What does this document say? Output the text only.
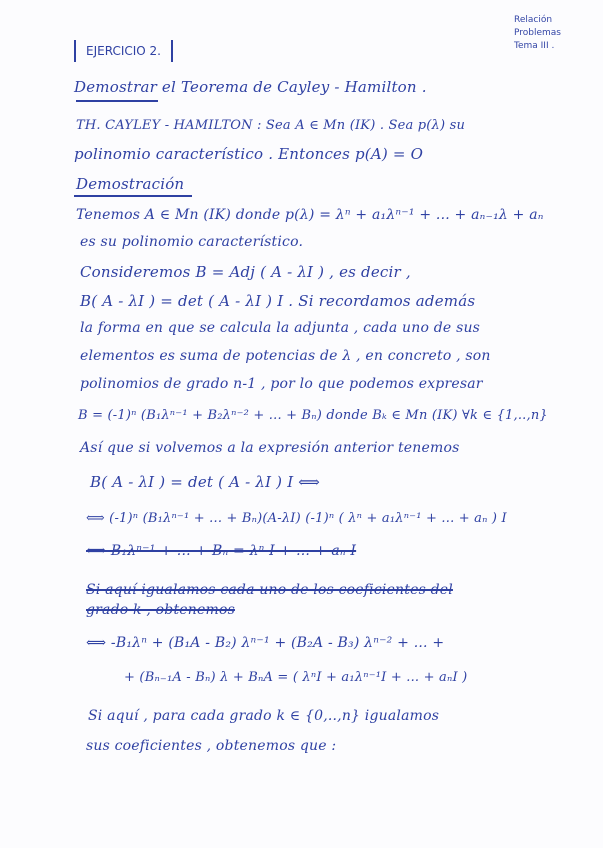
Relación
Problemas
Tema III .
EJERCICIO 2.
Demostrar el Teorema de Cayley - Hamilton .
TH. CAYLEY - HAMILTON : Sea A ∈ Mn (IK) . Sea p(λ) su
polinomio característico . Entonces p(A) = O
Demostración
Tenemos A ∈ Mn (IK) donde p(λ) = λⁿ + a₁λⁿ⁻¹ + ... + aₙ₋₁λ + aₙ
es su polinomio característico.
Consideremos B = Adj ( A - λI ) , es decir ,
B( A - λI ) = det ( A - λI ) I . Si recordamos además
la forma en que se calcula la adjunta , cada uno de sus
elementos es suma de potencias de λ , en concreto , son
polinomios de grado n-1 , por lo que podemos expresar
B = (-1)ⁿ (B₁λⁿ⁻¹ + B₂λⁿ⁻² + ... + Bₙ) donde Bₖ ∈ Mn (IK) ∀k ∈ {1,..,n}
Así que si volvemos a la expresión anterior tenemos
B( A - λI ) = det ( A - λI ) I ⟺
⟺ (-1)ⁿ (B₁λⁿ⁻¹ + ... + Bₙ)(A-λI) (-1)ⁿ ( λⁿ + a₁λⁿ⁻¹ + ... + aₙ ) I
⟺ B₁λⁿ⁻¹ + ... + Bₙ = λⁿ I + ... + aₙ I
Si aquí igualamos cada uno de los coeficientes del
grado k , obtenemos
⟺ -B₁λⁿ + (B₁A - B₂) λⁿ⁻¹ + (B₂A - B₃) λⁿ⁻² + ... +
+ (Bₙ₋₁A - Bₙ) λ + BₙA = ( λⁿI + a₁λⁿ⁻¹I + ... + aₙI )
Si aquí , para cada grado k ∈ {0,..,n} igualamos
sus coeficientes , obtenemos que :
